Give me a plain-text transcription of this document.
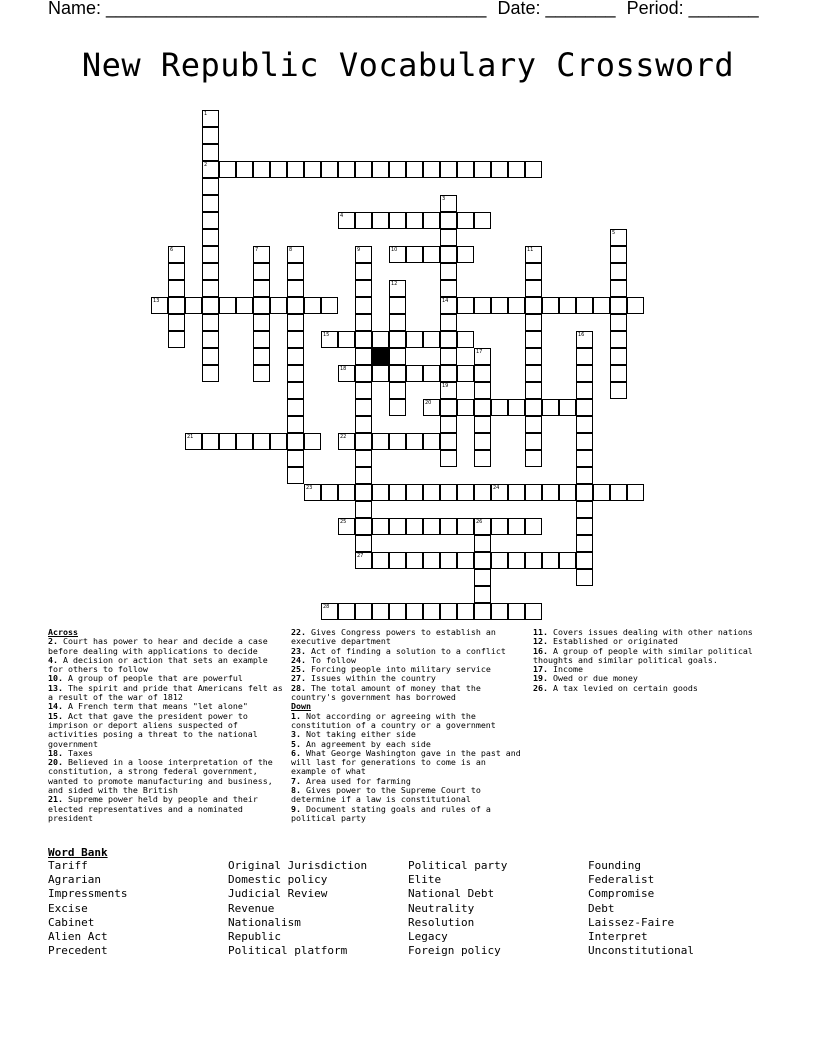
Name: ______________________________________ Date: _______ Period: _______
New Republic Vocabulary Crossword
1
2
3
4
5
6	7	8	9	10	11
12
13	14
15	16
17
18
19
20
21	22
23	24
25	26
27
28
Across
2. Court has power to hear and decide a case before dealing with applications to decide
4. A decision or action that sets an example for others to follow
10. A group of people that are powerful
13. The spirit and pride that Americans felt as a result of the war of 1812
14. A French term that means "let alone"
15. Act that gave the president power to imprison or deport aliens suspected of activities posing a threat to the national government
18. Taxes
20. Believed in a loose interpretation of the constitution, a strong federal government, wanted to promote manufacturing and business, and sided with the British
21. Supreme power held by people and their elected representatives and a nominated president
22. Gives Congress powers to establish an executive department
23. Act of finding a solution to a conflict
24. To follow
25. Forcing people into military service
27. Issues within the country
28. The total amount of money that the country's government has borrowed
Down
1. Not according or agreeing with the constitution of a country or a government
3. Not taking either side
5. An agreement by each side
6. What George Washington gave in the past and will last for generations to come is an example of what
7. Area used for farming
8. Gives power to the Supreme Court to determine if a law is constitutional
9. Document stating goals and rules of a political party
11. Covers issues dealing with other nations
12. Established or originated
16. A group of people with similar political thoughts and similar political goals.
17. Income
19. Owed or due money
26. A tax levied on certain goods
Word Bank
Tariff
Agrarian
Impressments
Excise
Cabinet
Alien Act
Precedent
Original Jurisdiction
Domestic policy
Judicial Review
Revenue
Nationalism
Republic
Political platform
Political party
Elite
National Debt
Neutrality
Resolution
Legacy
Foreign policy
Founding
Federalist
Compromise
Debt
Laissez-Faire
Interpret
Unconstitutional
